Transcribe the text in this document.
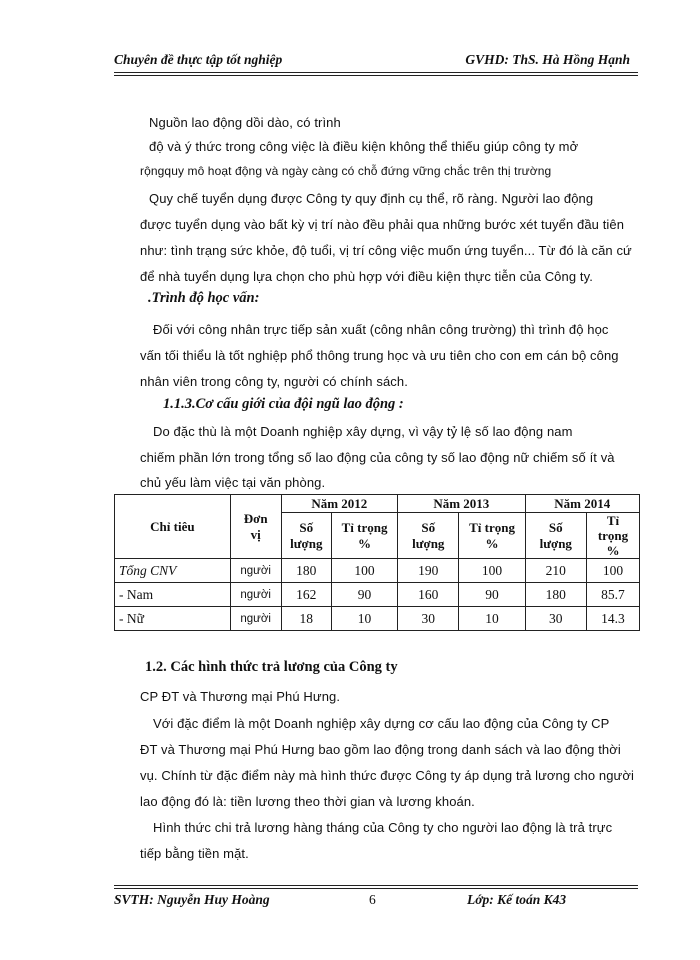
Chuyên đề thực tập tốt nghiệp	GVHD: ThS. Hà Hồng Hạnh
Nguồn lao động dồi dào, có trình
độ và ý thức trong công việc là điều kiện không thể thiếu giúp công ty mở
rộngquy mô hoạt động và ngày càng có chỗ đứng vững chắc trên thị trường
Quy chế tuyển dụng được Công ty quy định cụ thể, rõ ràng. Người lao động
được tuyển dụng vào bất kỳ vị trí nào đều phải qua những bước xét tuyển đầu tiên
như: tình trạng sức khỏe, độ tuổi, vị trí công việc muốn ứng tuyển... Từ đó là căn cứ
để nhà tuyển dụng lựa chọn cho phù hợp với điều kiện thực tiễn của Công ty.
.Trình độ học vấn:
Đối với công nhân trực tiếp sản xuất (công nhân công trường) thì trình độ học
vấn tối thiểu là tốt nghiệp phổ thông trung học và ưu tiên cho con em cán bộ công
nhân viên trong công ty, người có chính sách.
1.1.3.Cơ cấu giới của đội ngũ lao động :
Do đặc thù là một Doanh nghiệp xây dựng, vì vậy tỷ lệ số lao động nam
chiếm phần lớn trong tổng số lao động của công ty số lao động nữ chiếm số ít và
chủ yếu làm việc tại văn phòng.
Chỉ tiêu	Đơn vị	Năm 2012		Năm 2013		Năm 2014	
		Số lượng	Tỉ trọng %	Số lượng	Tỉ trọng %	Số lượng	Tỉ trọng %
Tổng CNV	người	180	100	190	100	210	100
- Nam	người	162	90	160	90	180	85.7
- Nữ	người	18	10	30	10	30	14.3
1.2. Các hình thức trả lương của Công ty
CP ĐT và Thương mại Phú Hưng.
Với đặc điểm là một Doanh nghiệp xây dựng cơ cấu lao động của Công ty CP
ĐT và Thương mại Phú Hưng bao gồm lao động trong danh sách và lao động thời
vụ. Chính từ đặc điểm này mà hình thức được Công ty áp dụng trả lương cho người
lao động đó là: tiền lương theo thời gian và lương khoán.
Hình thức chi trả lương hàng tháng của Công ty cho người lao động là trả trực
tiếp bằng tiền mặt.
SVTH: Nguyễn Huy Hoàng	6	Lớp: Kế toán K43
